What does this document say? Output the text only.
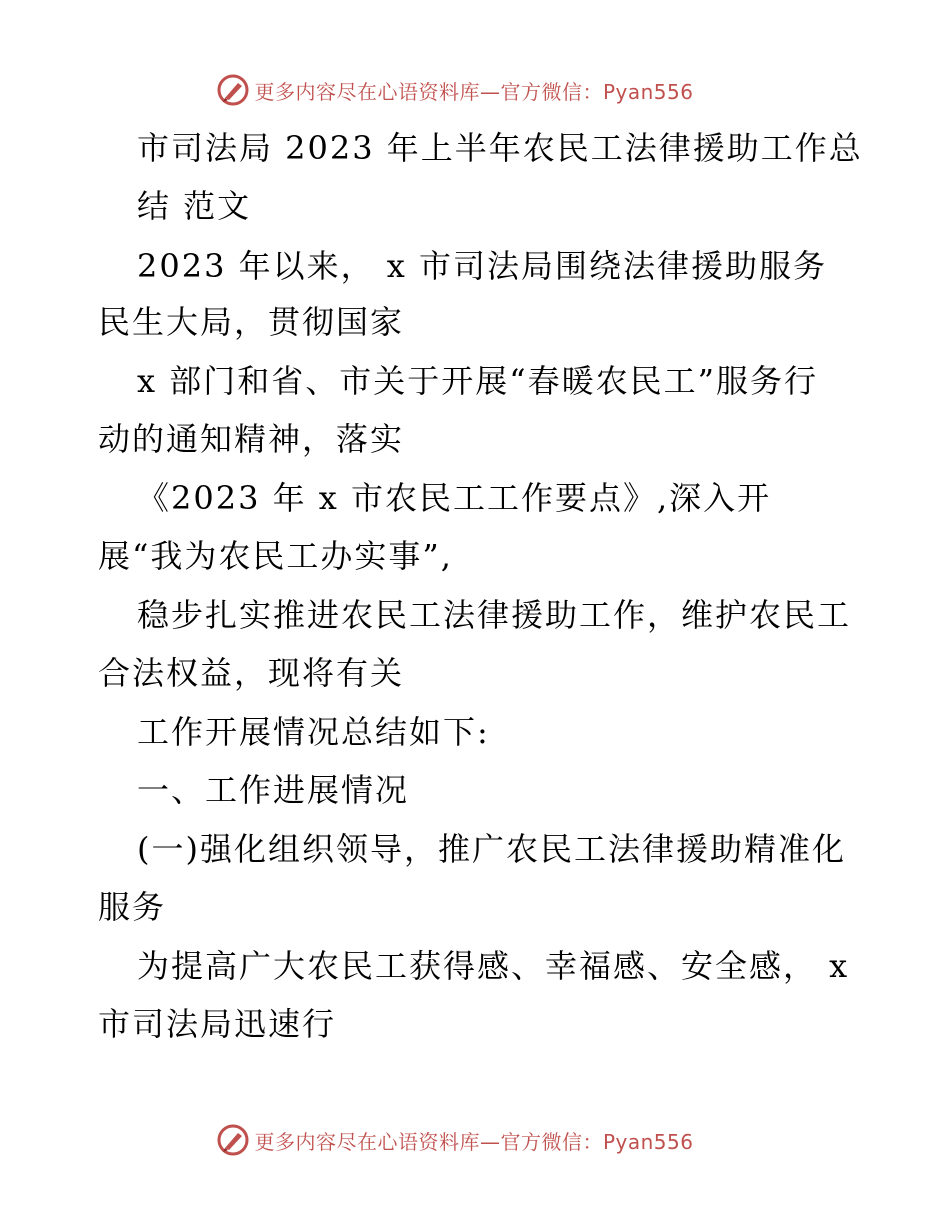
更多内容尽在心语资料库—官方微信：Pyan556
市司法局 2023 年上半年农民工法律援助工作总
结 范文
2023 年以来， x 市司法局围绕法律援助服务
民生大局，贯彻国家
x 部门和省、市关于开展“春暖农民工”服务行
动的通知精神，落实
《2023 年 x 市农民工工作要点》,深入开
展“我为农民工办实事”,
稳步扎实推进农民工法律援助工作，维护农民工
合法权益，现将有关
工作开展情况总结如下:
一、工作进展情况
(一)强化组织领导，推广农民工法律援助精准化
服务
为提高广大农民工获得感、幸福感、安全感， x
市司法局迅速行
更多内容尽在心语资料库—官方微信：Pyan556
